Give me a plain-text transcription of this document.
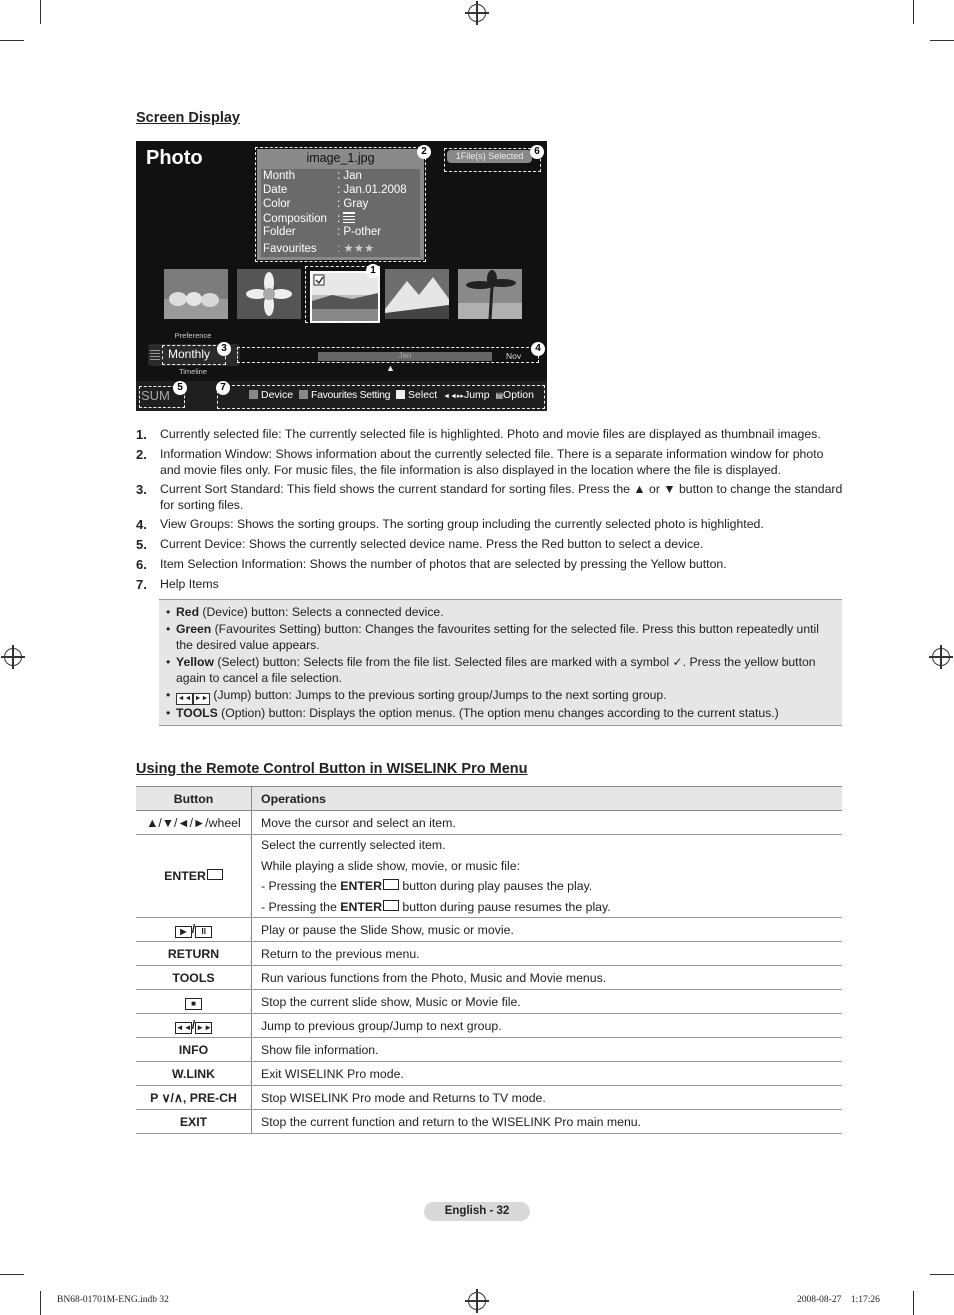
Screen Display
Photo	image_1.jpg
Month	: Jan
Date	: Jan.01.2008
Color	: Gray
Composition :
Folder	: P-other
Favourites : ★★★
2	1File(s) Selected	6
1
Preference
Monthly	3
Timeline
Jan	Nov
4
▲
SUM
5
Device Favourites Setting Select ◄◄▸▸Jump ▤Option
7
1. Currently selected file: The currently selected file is highlighted. Photo and movie files are displayed as thumbnail images.
2. Information Window: Shows information about the currently selected file. There is a separate information window for photo and movie files only. For music files, the file information is also displayed in the location where the file is displayed.
3. Current Sort Standard: This field shows the current standard for sorting files. Press the ▲ or ▼ button to change the standard for sorting files.
4. View Groups: Shows the sorting groups. The sorting group including the currently selected photo is highlighted.
5. Current Device: Shows the currently selected device name. Press the Red button to select a device.
6. Item Selection Information: Shows the number of photos that are selected by pressing the Yellow button.
7. Help Items
• Red (Device) button: Selects a connected device.
• Green (Favourites Setting) button: Changes the favourites setting for the selected file. Press this button repeatedly until the desired value appears.
• Yellow (Select) button: Selects file from the file list. Selected files are marked with a symbol ✓. Press the yellow button again to cancel a file selection.
• ◄◄ ►► (Jump) button: Jumps to the previous sorting group/Jumps to the next sorting group.
• TOOLS (Option) button: Displays the option menus. (The option menu changes according to the current status.)
Using the Remote Control Button in WISELINK Pro Menu
Button	Operations
▲/▼/◄/►/wheel	Move the cursor and select an item.
ENTER	Select the currently selected item.
While playing a slide show, movie, or music file:
- Pressing the ENTER button during play pauses the play.
- Pressing the ENTER button during pause resumes the play.

▶ / II	Play or pause the Slide Show, music or movie.
RETURN	Return to the previous menu.
TOOLS	Run various functions from the Photo, Music and Movie menus.
■	Stop the current slide show, Music or Movie file.
◄◄/►►	Jump to previous group/Jump to next group.
INFO	Show file information.
W.LINK	Exit WISELINK Pro mode.
P ∨/∧, PRE-CH	Stop WISELINK Pro mode and Returns to TV mode.
EXIT	Stop the current function and return to the WISELINK Pro main menu.
English - 32
BN68-01701M-ENG.indb 32	2008-08-27    1:17:26
